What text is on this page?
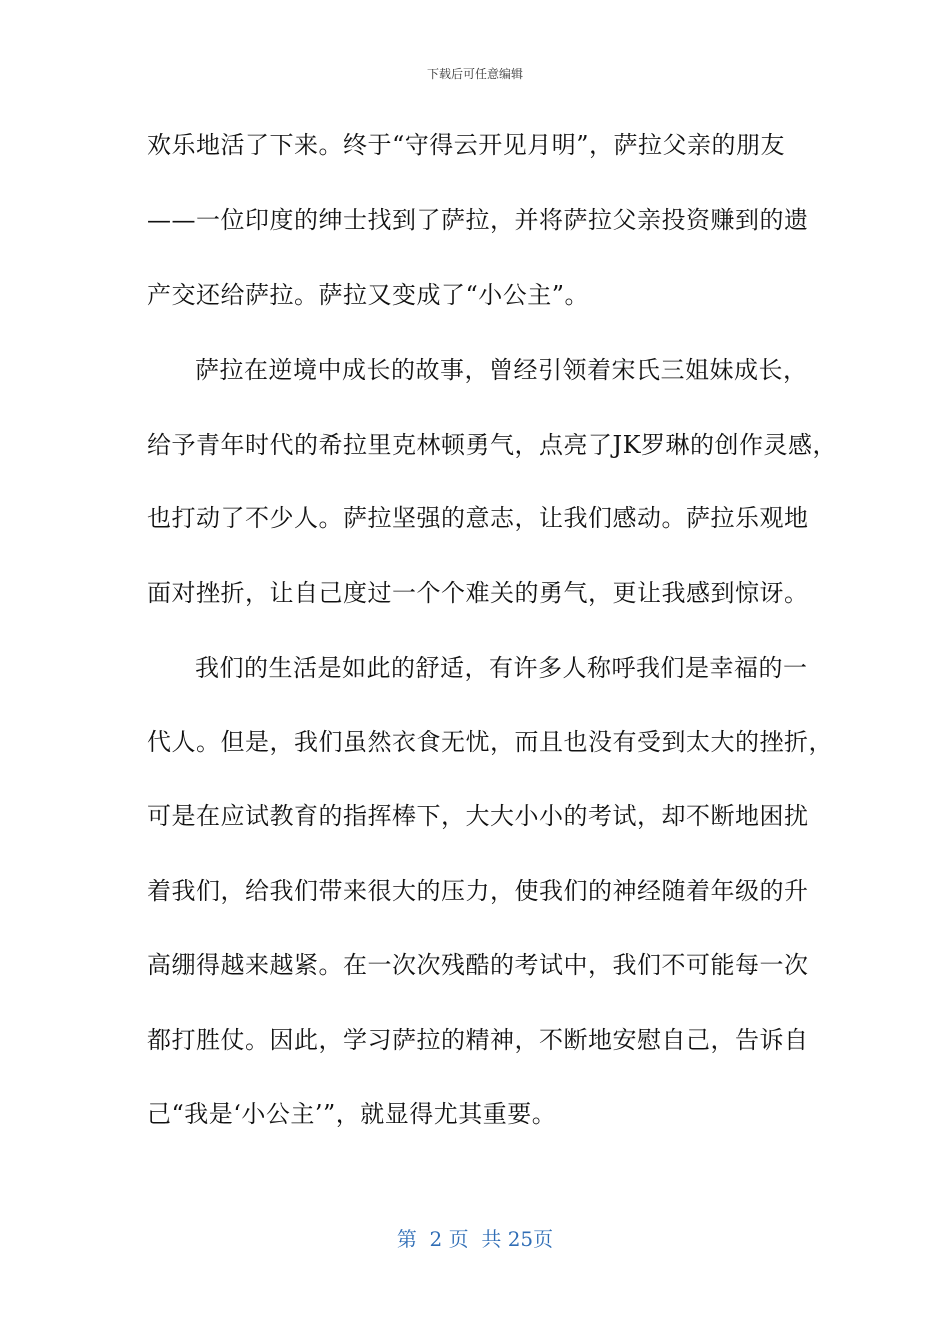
下载后可任意编辑
欢乐地活了下来。终于“守得云开见月明”，萨拉父亲的朋友
——一位印度的绅士找到了萨拉，并将萨拉父亲投资赚到的遗
产交还给萨拉。萨拉又变成了“小公主”。
萨拉在逆境中成长的故事，曾经引领着宋氏三姐妹成长，
给予青年时代的希拉里克林顿勇气，点亮了JK罗琳的创作灵感，
也打动了不少人。萨拉坚强的意志，让我们感动。萨拉乐观地
面对挫折，让自己度过一个个难关的勇气，更让我感到惊讶。
我们的生活是如此的舒适，有许多人称呼我们是幸福的一
代人。但是，我们虽然衣食无忧，而且也没有受到太大的挫折，
可是在应试教育的指挥棒下，大大小小的考试，却不断地困扰
着我们，给我们带来很大的压力，使我们的神经随着年级的升
高绷得越来越紧。在一次次残酷的考试中，我们不可能每一次
都打胜仗。因此，学习萨拉的精神，不断地安慰自己，告诉自
己“我是‘小公主’”，就显得尤其重要。
第  2 页  共 25页
